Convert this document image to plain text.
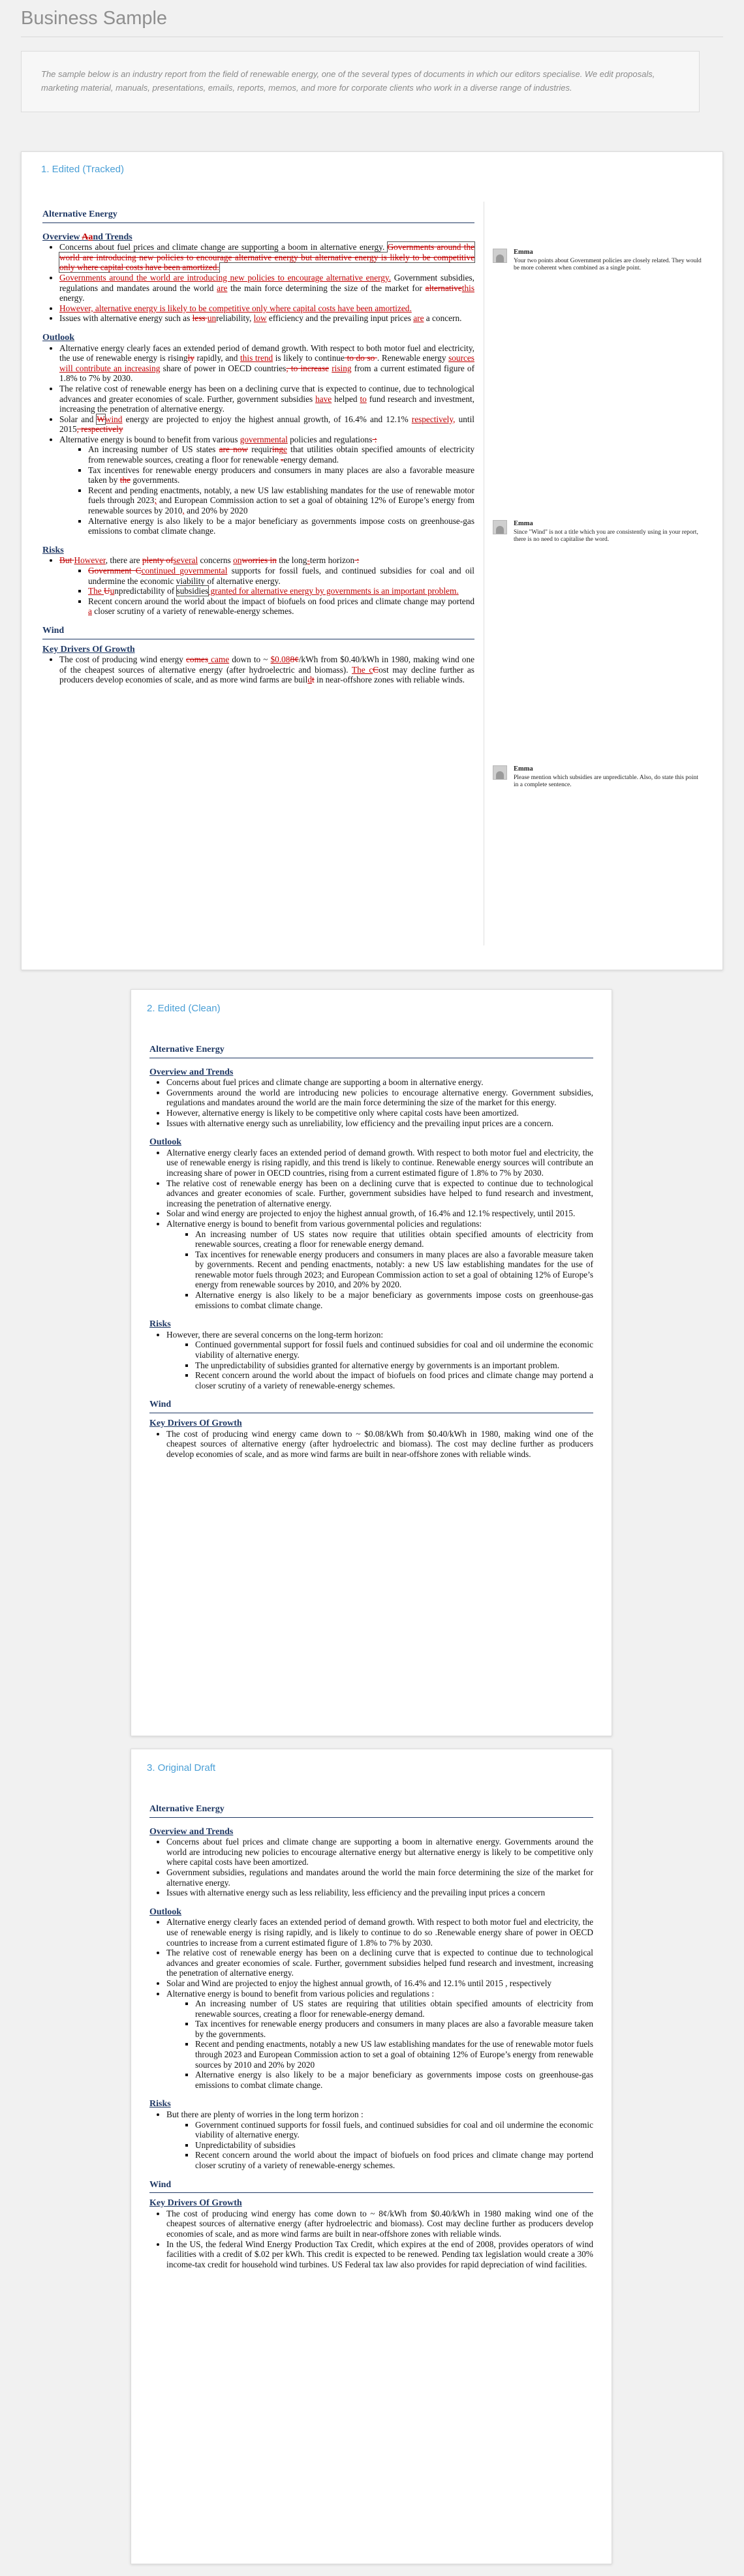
Business Sample
The sample below is an industry report from the field of renewable energy, one of the several types of documents in which our editors specialise. We edit proposals, marketing material, manuals, presentations, emails, reports, memos, and more for corporate clients who work in a diverse range of industries.
1. Edited (Tracked)
Alternative Energy
Overview Aand Trends
• Concerns about fuel prices and climate change are supporting a boom in alternative energy. Governments around the world are introducing new policies to encourage alternative energy but alternative energy is likely to be competitive only where capital costs have been amortized.
• Governments around the world are introducing new policies to encourage alternative energy. Government subsidies, regulations and mandates around the world are the main force determining the size of the market for alternativethis energy.
• However, alternative energy is likely to be competitive only where capital costs have been amortized.
• Issues with alternative energy such as less unreliability, low efficiency and the prevailing input prices are a concern.
Outlook
• Alternative energy clearly faces an extended period of demand growth. With respect to both motor fuel and electricity, the use of renewable energy is risingly rapidly, and this trend is likely to continue to do so . Renewable energy sources will contribute an increasing share of power in OECD countries, to increase rising from a current estimated figure of 1.8% to 7% by 2030.
• The relative cost of renewable energy has been on a declining curve that is expected to continue, due to technological advances and greater economies of scale. Further, government subsidies have helped to fund research and investment, increasing the penetration of alternative energy.
• Solar and Wwind energy are projected to enjoy the highest annual growth, of 16.4% and 12.1% respectively, until 2015, respectively
• Alternative energy is bound to benefit from various governmental policies and regulations :
▪ An increasing number of US states are now requiringe that utilities obtain specified amounts of electricity from renewable sources, creating a floor for renewable -energy demand.
▪ Tax incentives for renewable energy producers and consumers in many places are also a favorable measure taken by the governments.
▪ Recent and pending enactments, notably, a new US law establishing mandates for the use of renewable motor fuels through 2023; and European Commission action to set a goal of obtaining 12% of Europe’s energy from renewable sources by 2010, and 20% by 2020
▪ Alternative energy is also likely to be a major beneficiary as governments impose costs on greenhouse-gas emissions to combat climate change.
Risks
• But However, there are plenty ofseveral concerns onworries in the long-term horizon :
▪ Government Ccontinued governmental supports for fossil fuels, and continued subsidies for coal and oil undermine the economic viability of alternative energy.
▪ The Uunpredictability of subsidies granted for alternative energy by governments is an important problem.
▪ Recent concern around the world about the impact of biofuels on food prices and climate change may portend a closer scrutiny of a variety of renewable-energy schemes.
Wind
Key Drivers Of Growth
• The cost of producing wind energy comes came down to ~ $0.088¢/kWh from $0.40/kWh in 1980, making wind one of the cheapest sources of alternative energy (after hydroelectric and biomass). The cCost may decline further as producers develop economies of scale, and as more wind farms are buildt in near-offshore zones with reliable winds.
Emma
Your two points about Government policies are closely related. They would be more coherent when combined as a single point.
Emma
Since "Wind" is not a title which you are consistently using in your report, there is no need to capitalise the word.
Emma
Please mention which subsidies are unpredictable. Also, do state this point in a complete sentence.
2. Edited (Clean)
Alternative Energy
Overview and Trends
• Concerns about fuel prices and climate change are supporting a boom in alternative energy.
• Governments around the world are introducing new policies to encourage alternative energy. Government subsidies, regulations and mandates around the world are the main force determining the size of the market for this energy.
• However, alternative energy is likely to be competitive only where capital costs have been amortized.
• Issues with alternative energy such as unreliability, low efficiency and the prevailing input prices are a concern.
Outlook
• Alternative energy clearly faces an extended period of demand growth. With respect to both motor fuel and electricity, the use of renewable energy is rising rapidly, and this trend is likely to continue. Renewable energy sources will contribute an increasing share of power in OECD countries, rising from a current estimated figure of 1.8% to 7% by 2030.
• The relative cost of renewable energy has been on a declining curve that is expected to continue due to technological advances and greater economies of scale. Further, government subsidies have helped to fund research and investment, increasing the penetration of alternative energy.
• Solar and wind energy are projected to enjoy the highest annual growth, of 16.4% and 12.1% respectively, until 2015.
• Alternative energy is bound to benefit from various governmental policies and regulations:
▪ An increasing number of US states now require that utilities obtain specified amounts of electricity from renewable sources, creating a floor for renewable energy demand.
▪ Tax incentives for renewable energy producers and consumers in many places are also a favorable measure taken by governments. Recent and pending enactments, notably: a new US law establishing mandates for the use of renewable motor fuels through 2023; and European Commission action to set a goal of obtaining 12% of Europe’s energy from renewable sources by 2010, and 20% by 2020.
▪ Alternative energy is also likely to be a major beneficiary as governments impose costs on greenhouse-gas emissions to combat climate change.
Risks
• However, there are several concerns on the long-term horizon:
▪ Continued governmental support for fossil fuels and continued subsidies for coal and oil undermine the economic viability of alternative energy.
▪ The unpredictability of subsidies granted for alternative energy by governments is an important problem.
▪ Recent concern around the world about the impact of biofuels on food prices and climate change may portend a closer scrutiny of a variety of renewable-energy schemes.
Wind
Key Drivers Of Growth
• The cost of producing wind energy came down to ~ $0.08/kWh from $0.40/kWh in 1980, making wind one of the cheapest sources of alternative energy (after hydroelectric and biomass). The cost may decline further as producers develop economies of scale, and as more wind farms are built in near-offshore zones with reliable winds.
3. Original Draft
Alternative Energy
Overview and Trends
• Concerns about fuel prices and climate change are supporting a boom in alternative energy. Governments around the world are introducing new policies to encourage alternative energy but alternative energy is likely to be competitive only where capital costs have been amortized.
• Government subsidies, regulations and mandates around the world the main force determining the size of the market for alternative energy.
• Issues with alternative energy such as less reliability, less efficiency and the prevailing input prices a concern
Outlook
• Alternative energy clearly faces an extended period of demand growth. With respect to both motor fuel and electricity, the use of renewable energy is rising rapidly, and is likely to continue to do so .Renewable energy share of power in OECD countries to increase from a current estimated figure of 1.8% to 7% by 2030.
• The relative cost of renewable energy has been on a declining curve that is expected to continue due to technological advances and greater economies of scale. Further, government subsidies helped fund research and investment, increasing the penetration of alternative energy.
• Solar and Wind are projected to enjoy the highest annual growth, of 16.4% and 12.1% until 2015 , respectively
• Alternative energy is bound to benefit from various policies and regulations :
▪ An increasing number of US states are requiring that utilities obtain specified amounts of electricity from renewable sources, creating a floor for renewable-energy demand.
▪ Tax incentives for renewable energy producers and consumers in many places are also a favorable measure taken by the governments.
▪ Recent and pending enactments, notably a new US law establishing mandates for the use of renewable motor fuels through 2023 and European Commission action to set a goal of obtaining 12% of Europe’s energy from renewable sources by 2010 and 20% by 2020
▪ Alternative energy is also likely to be a major beneficiary as governments impose costs on greenhouse-gas emissions to combat climate change.
Risks
• But there are plenty of worries in the long term horizon :
▪ Government continued supports for fossil fuels, and continued subsidies for coal and oil undermine the economic viability of alternative energy.
▪ Unpredictability of subsidies
▪ Recent concern around the world about the impact of biofuels on food prices and climate change may portend closer scrutiny of a variety of renewable-energy schemes.
Wind
Key Drivers Of Growth
• The cost of producing wind energy has come down to ~ 8¢/kWh from $0.40/kWh in 1980 making wind one of the cheapest sources of alternative energy (after hydroelectric and biomass). Cost may decline further as producers develop economies of scale, and as more wind farms are built in near-offshore zones with reliable winds.
• In the US, the federal Wind Energy Production Tax Credit, which expires at the end of 2008, provides operators of wind facilities with a credit of $.02 per kWh. This credit is expected to be renewed. Pending tax legislation would create a 30% income-tax credit for household wind turbines. US Federal tax law also provides for rapid depreciation of wind facilities.
